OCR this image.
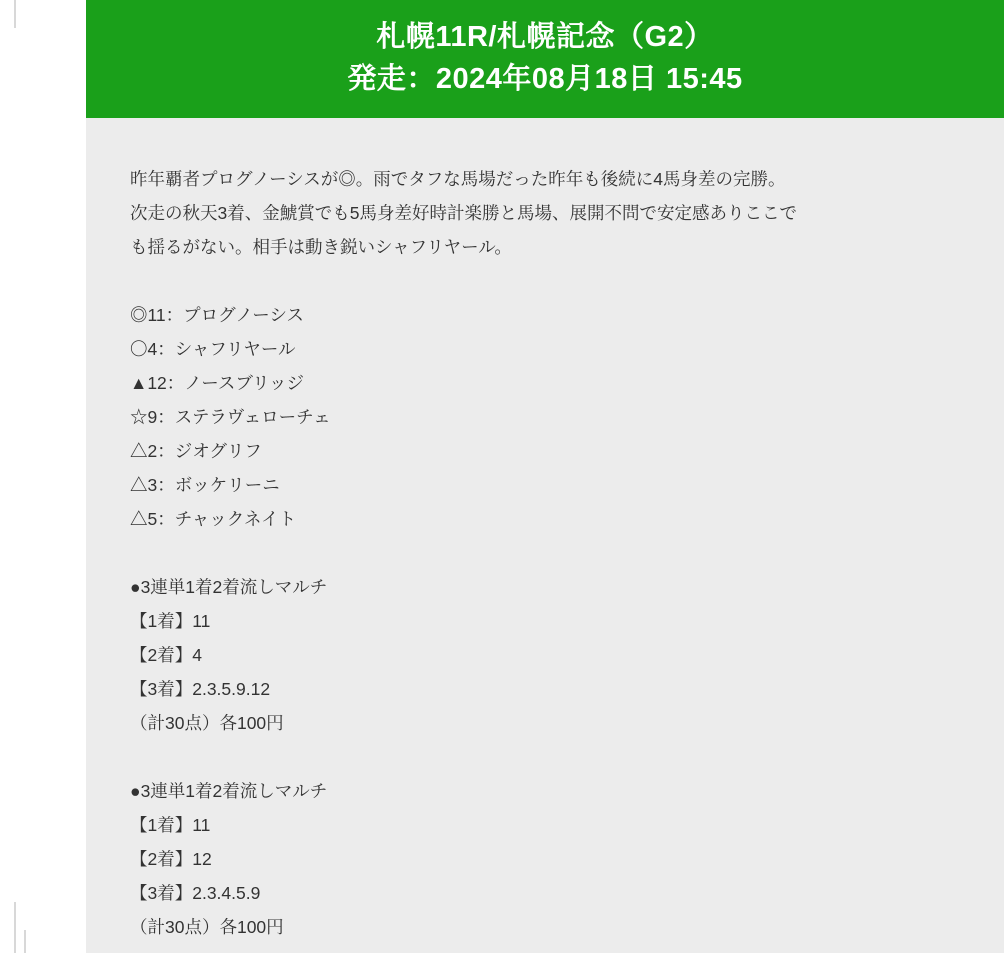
札幌11R/札幌記念（G2）
発走：2024年08月18日 15:45

昨年覇者プログノーシスが◎。雨でタフな馬場だった昨年も後続に4馬身差の完勝。

次走の秋天3着、金鯱賞でも5馬身差好時計楽勝と馬場、展開不問で安定感ありここで

も揺るがない。相手は動き鋭いシャフリヤール。

◎11：プログノーシス

〇4：シャフリヤール

▲12：ノースブリッジ

☆9：ステラヴェローチェ

△2：ジオグリフ

△3：ボッケリーニ

△5：チャックネイト

●3連単1着2着流しマルチ

【1着】11

【2着】4

【3着】2.3.5.9.12

（計30点）各100円

●3連単1着2着流しマルチ

【1着】11

【2着】12

【3着】2.3.4.5.9

（計30点）各100円
